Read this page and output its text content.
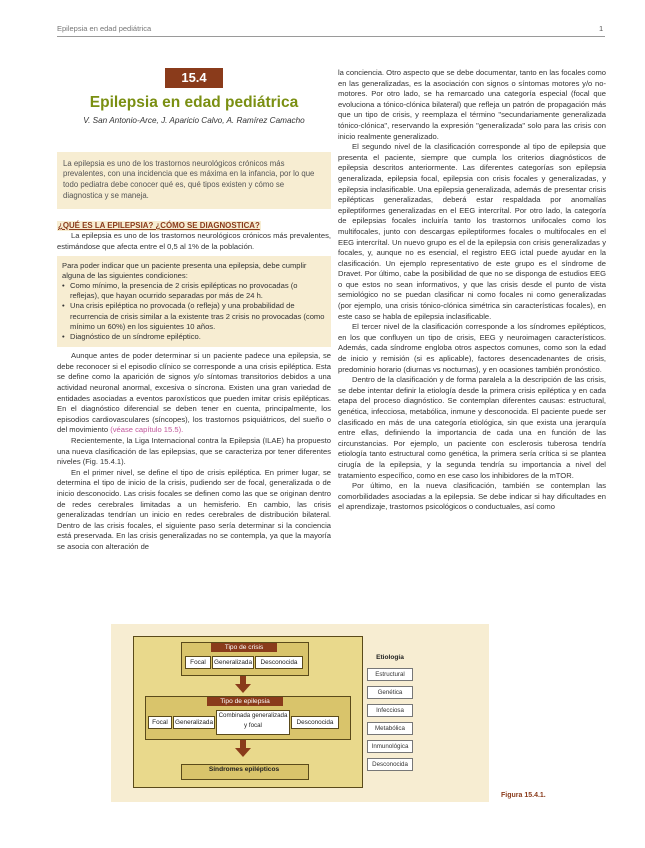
Epilepsia en edad pediátrica	1
15.4
Epilepsia en edad pediátrica
V. San Antonio-Arce, J. Aparicio Calvo, A. Ramírez Camacho
La epilepsia es uno de los trastornos neurológicos crónicos más prevalentes, con una incidencia que es máxima en la infancia, por lo que todo pediatra debe conocer qué es, qué tipos existen y cómo se diagnostica y se maneja.
¿QUÉ ES LA EPILEPSIA? ¿CÓMO SE DIAGNOSTICA?

La epilepsia es uno de los trastornos neurológicos crónicos más prevalentes, estimándose que afecta entre el 0,5 al 1% de la población.

Para poder indicar que un paciente presenta una epilepsia, debe cumplir alguna de las siguientes condiciones:
• Como mínimo, la presencia de 2 crisis epilépticas no provocadas (o reflejas), que hayan ocurrido separadas por más de 24 h.
• Una crisis epiléptica no provocada (o refleja) y una probabilidad de recurrencia de crisis similar a la existente tras 2 crisis no provocadas (como mínimo un 60%) en los siguientes 10 años.
• Diagnóstico de un síndrome epiléptico.

Aunque antes de poder determinar si un paciente padece una epilepsia, se debe reconocer si el episodio clínico se corresponde a una crisis epiléptica. Esta se define como la aparición de signos y/o síntomas transitorios debidos a una actividad neuronal anormal, excesiva o síncrona. Existen una gran variedad de entidades asociadas a eventos paroxísticos que pueden imitar crisis epilépticas. En el diagnóstico diferencial se deben tener en cuenta, principalmente, los episodios cardiovasculares (síncopes), los trastornos psiquiátricos, del sueño o del movimiento (véase capítulo 15.5).

Recientemente, la Liga Internacional contra la Epilepsia (ILAE) ha propuesto una nueva clasificación de las epilepsias, que se caracteriza por tener diferentes niveles (Fig. 15.4.1).

En el primer nivel, se define el tipo de crisis epiléptica. En primer lugar, se determina el tipo de inicio de la crisis, pudiendo ser de focal, generalizada o de inicio desconocido. Las crisis focales se definen como las que se originan dentro de redes cerebrales limitadas a un hemisferio. En cambio, las crisis generalizadas tendrían un inicio en redes cerebrales de distribución bilateral. Dentro de las crisis focales, el siguiente paso sería determinar si la conciencia está preservada. En las crisis generalizadas no se contempla, ya que la mayoría se asocia con alteración de

la conciencia. Otro aspecto que se debe documentar, tanto en las focales como en las generalizadas, es la asociación con signos o síntomas motores y/o no-motores. Por otro lado, se ha remarcado una categoría especial (focal que evoluciona a tónico-clónica bilateral) que refleja un patrón de propagación más que un tipo de crisis, y reemplaza el término "secundariamente generalizada tónico-clónica", reservando la expresión "generalizada" solo para las crisis con inicio realmente generalizado.

El segundo nivel de la clasificación corresponde al tipo de epilepsia que presenta el paciente, siempre que cumpla los criterios diagnósticos de epilepsia descritos anteriormente. Las diferentes categorías son epilepsia generalizada, epilepsia focal, epilepsia con crisis focales y generalizadas, y epilepsia inclasificable. Una epilepsia generalizada, además de presentar crisis epilépticas generalizadas, deberá estar respaldada por anomalías epileptiformes generalizadas en el EEG intercrítal. Por otro lado, la categoría de epilepsias focales incluiría tanto los trastornos unifocales como los multifocales, junto con descargas epileptiformes focales o multifocales en el EEG intercrítal. Un nuevo grupo es el de la epilepsia con crisis generalizadas y focales, y, aunque no es esencial, el registro EEG ictal puede ayudar en la clasificación. Un ejemplo representativo de este grupo es el síndrome de Dravet. Por último, cabe la posibilidad de que no se disponga de estudios EEG o que estos no sean informativos, y que las crisis desde el punto de vista semiológico no se puedan clasificar ni como focales ni como generalizadas (por ejemplo, una crisis tónico-clónica simétrica sin características focales), en este caso se habla de epilepsia inclasificable.

El tercer nivel de la clasificación corresponde a los síndromes epilépticos, en los que confluyen un tipo de crisis, EEG y neuroimagen característicos. Además, cada síndrome engloba otros aspectos comunes, como son la edad de inicio y remisión (si es aplicable), factores desencadenantes de crisis, predominio horario (diurnas vs nocturnas), y en ocasiones también pronóstico.

Dentro de la clasificación y de forma paralela a la descripción de las crisis, se debe intentar definir la etiología desde la primera crisis epiléptica y en cada etapa del proceso diagnóstico. Se contemplan diferentes causas: estructural, genética, infecciosa, metabólica, inmune y desconocida. El paciente puede ser clasificado en más de una categoría etiológica, sin que exista una jerarquía entre ellas, definiendo la importancia de cada una en función de las circunstancias. Por ejemplo, un paciente con esclerosis tuberosa tendría etiología tanto estructural como genética, la primera sería crítica si se plantea cirugía de la epilepsia, y la segunda tendría su importancia a nivel del tratamiento específico, como en ese caso los inhibidores de la mTOR.

Por último, en la nueva clasificación, también se contemplan las comorbilidades asociadas a la epilepsia. Se debe indicar si hay dificultades en el aprendizaje, trastornos psicológicos o conductuales, así como

Tipo de crisis
Focal	Generalizada	Desconocida
Tipo de epilepsia
Focal	Generalizada
Combinada generalizada y focal	Desconocida
Síndromes epilépticos
Etiología
Estructural
Genética
Infecciosa
Metabólica
Inmunológica
Desconocida
Figura 15.4.1.
